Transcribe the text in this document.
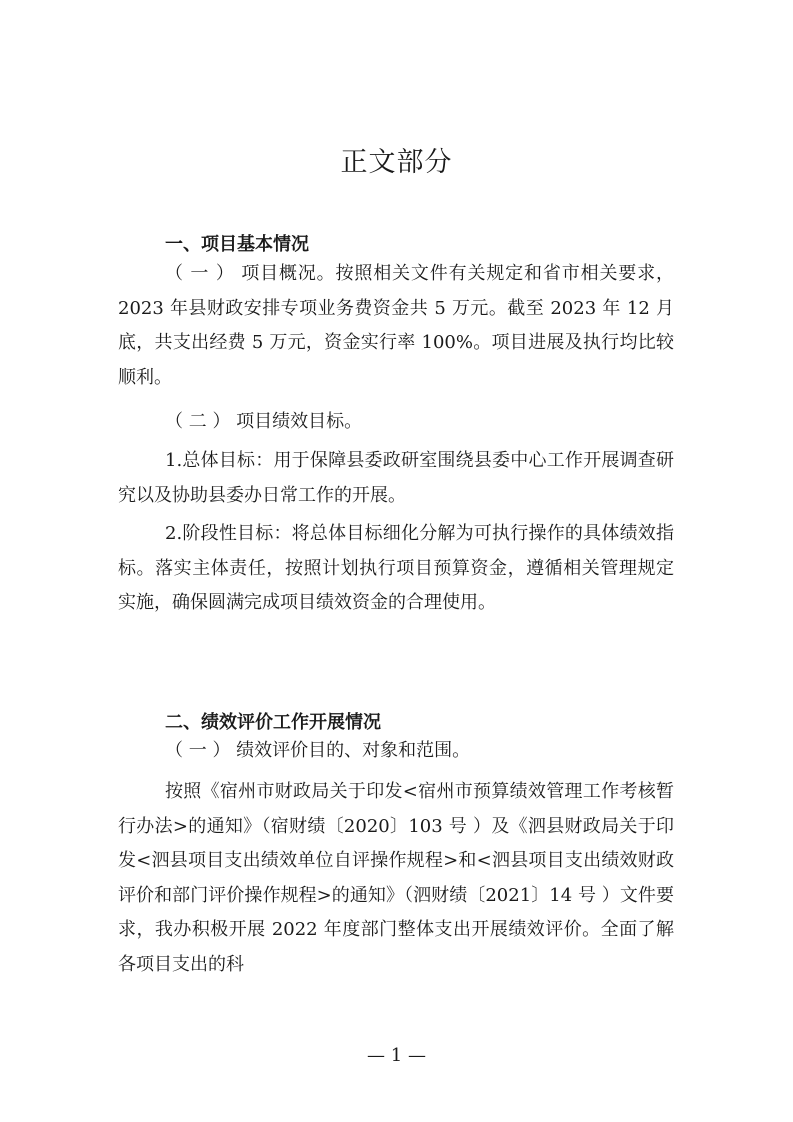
正文部分
一、项目基本情况

（ 一 ） 项目概况。按照相关文件有关规定和省市相关要求，2023 年县财政安排专项业务费资金共 5 万元。截至 2023 年 12 月底，共支出经费 5 万元，资金实行率 100%。项目进展及执行均比较顺利。

（ 二 ） 项目绩效目标。

1.总体目标：用于保障县委政研室围绕县委中心工作开展调查研究以及协助县委办日常工作的开展。

2.阶段性目标：将总体目标细化分解为可执行操作的具体绩效指标。落实主体责任，按照计划执行项目预算资金，遵循相关管理规定实施，确保圆满完成项目绩效资金的合理使用。

二、绩效评价工作开展情况

（ 一 ） 绩效评价目的、对象和范围。

按照《宿州市财政局关于印发<宿州市预算绩效管理工作考核暂行办法>的通知》（宿财绩〔2020〕103 号 ）及《泗县财政局关于印发<泗县项目支出绩效单位自评操作规程>和<泗县项目支出绩效财政评价和部门评价操作规程>的通知》（泗财绩〔2021〕14 号 ）文件要求，我办积极开展 2022 年度部门整体支出开展绩效评价。全面了解各项目支出的科

— 1 —
